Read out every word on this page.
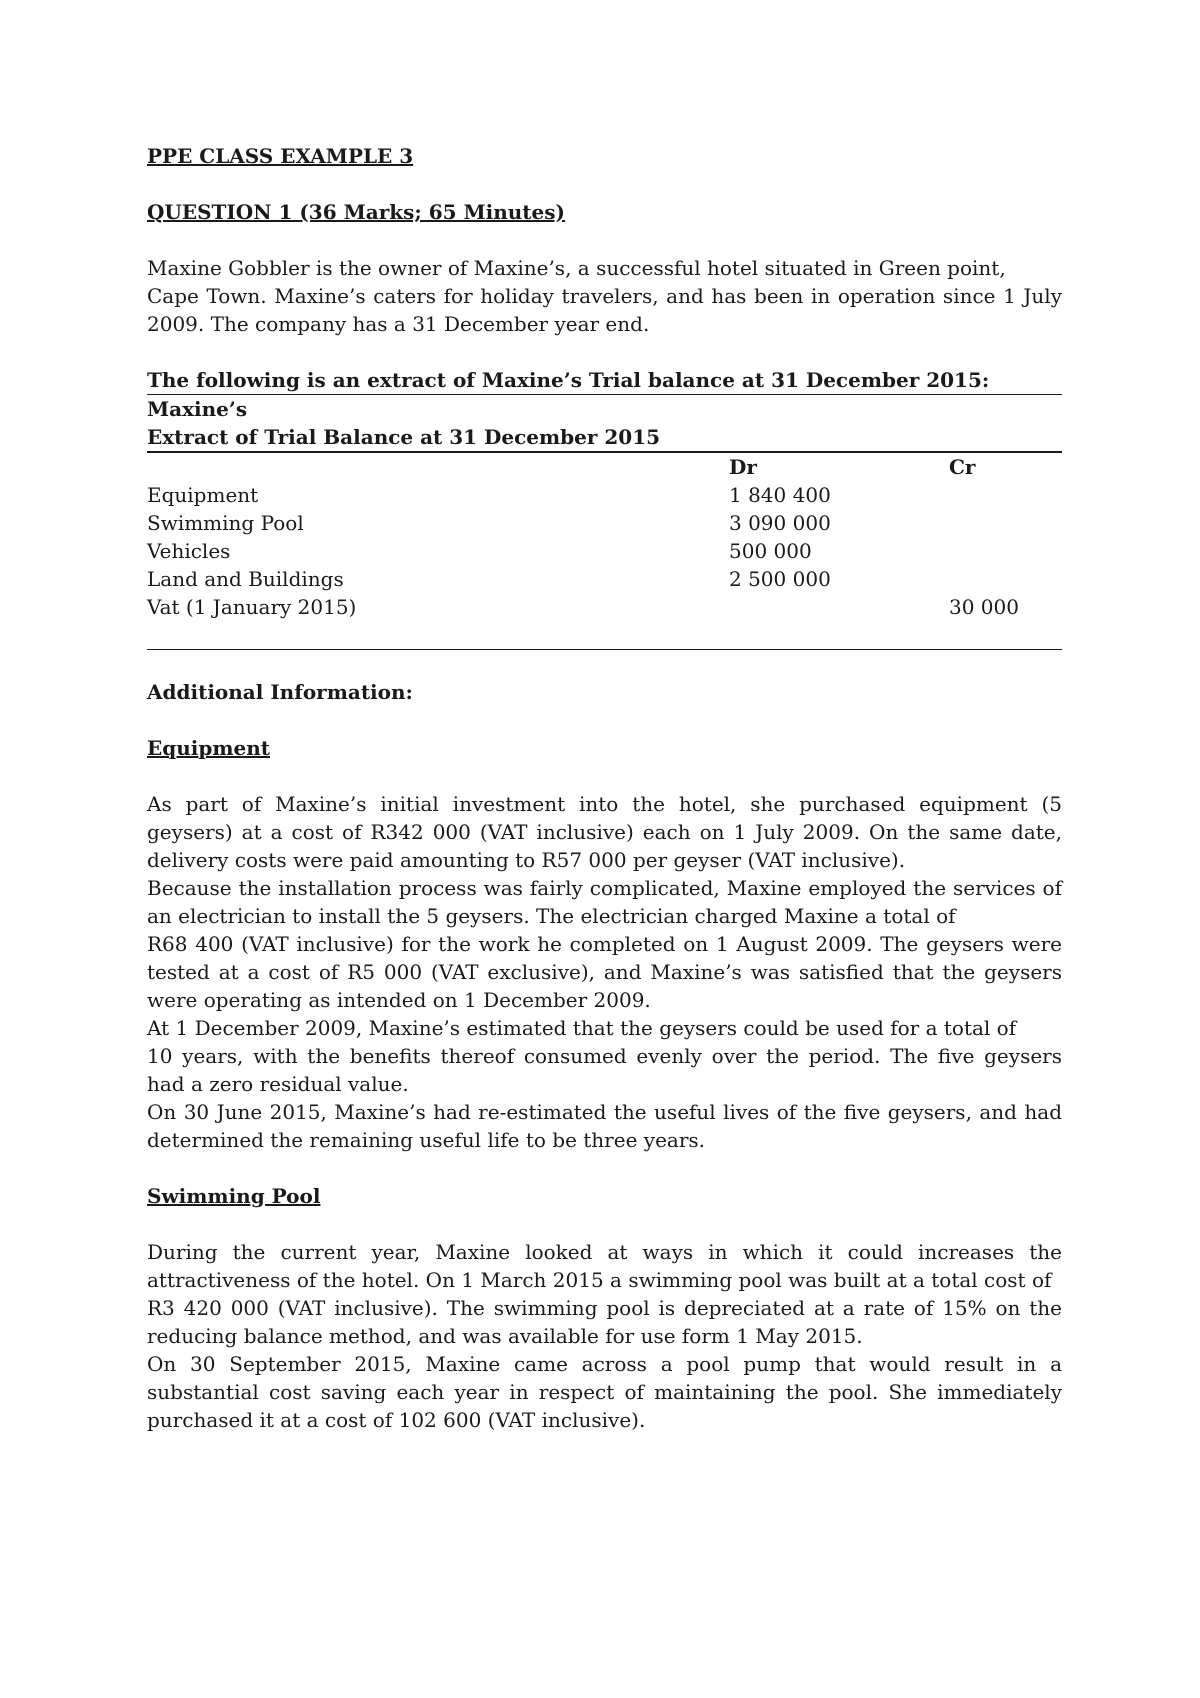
PPE CLASS EXAMPLE 3

QUESTION 1 (36 Marks; 65 Minutes)

Maxine Gobbler is the owner of Maxine’s, a successful hotel situated in Green point,

Cape Town. Maxine’s caters for holiday travelers, and has been in operation since 1 July 2009. The company has a 31 December year end.

The following is an extract of Maxine’s Trial balance at 31 December 2015:

Maxine’s

Extract of Trial Balance at 31 December 2015

	Dr	Cr
Equipment	1 840 400	
Swimming Pool	3 090 000	
Vehicles	500 000	
Land and Buildings	2 500 000	
Vat (1 January 2015)		30 000

Additional Information:

Equipment

As part of Maxine’s initial investment into the hotel, she purchased equipment (5 geysers) at a cost of R342 000 (VAT inclusive) each on 1 July 2009. On the same date, delivery costs were paid amounting to R57 000 per geyser (VAT inclusive).

Because the installation process was fairly complicated, Maxine employed the services of an electrician to install the 5 geysers. The electrician charged Maxine a total of

R68 400 (VAT inclusive) for the work he completed on 1 August 2009. The geysers were tested at a cost of R5 000 (VAT exclusive), and Maxine’s was satisfied that the geysers were operating as intended on 1 December 2009.

At 1 December 2009, Maxine’s estimated that the geysers could be used for a total of

10 years, with the benefits thereof consumed evenly over the period. The five geysers had a zero residual value.

On 30 June 2015, Maxine’s had re-estimated the useful lives of the five geysers, and had determined the remaining useful life to be three years.

Swimming Pool

During the current year, Maxine looked at ways in which it could increases the attractiveness of the hotel. On 1 March 2015 a swimming pool was built at a total cost of

R3 420 000 (VAT inclusive). The swimming pool is depreciated at a rate of 15% on the reducing balance method, and was available for use form 1 May 2015.

On 30 September 2015, Maxine came across a pool pump that would result in a substantial cost saving each year in respect of maintaining the pool. She immediately purchased it at a cost of 102 600 (VAT inclusive).
